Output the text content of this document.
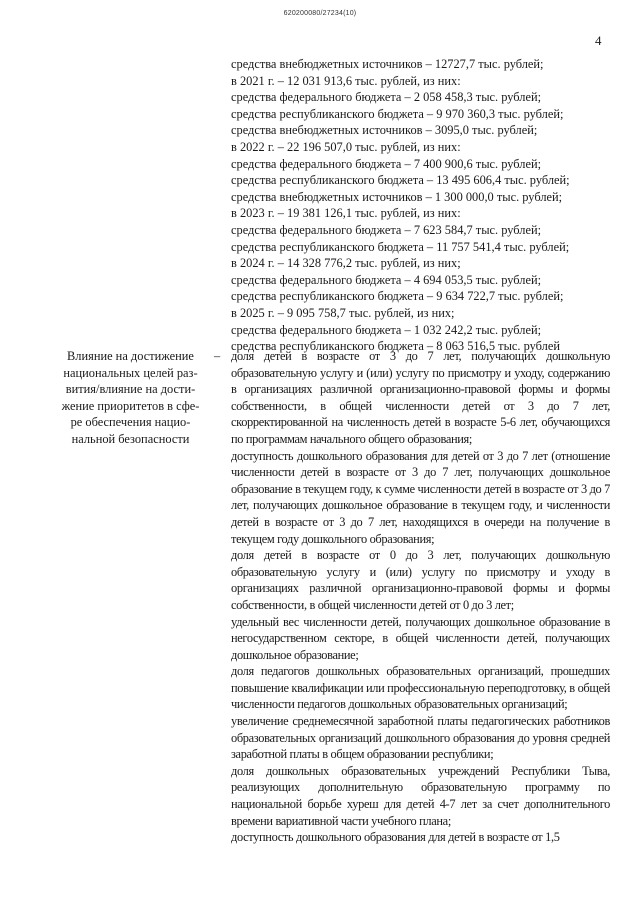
620200080/27234(10)
4
средства внебюджетных источников – 12727,7 тыс. рублей;
в 2021 г. – 12 031 913,6 тыс. рублей, из них:
средства федерального бюджета – 2 058 458,3 тыс. рублей;
средства республиканского бюджета – 9 970 360,3 тыс. рублей;
средства внебюджетных источников – 3095,0 тыс. рублей;
в 2022 г. – 22 196 507,0 тыс. рублей, из них:
средства федерального бюджета – 7 400 900,6 тыс. рублей;
средства республиканского бюджета – 13 495 606,4 тыс. рублей;
средства внебюджетных источников – 1 300 000,0 тыс. рублей;
в 2023 г. – 19 381 126,1 тыс. рублей, из них:
средства федерального бюджета – 7 623 584,7 тыс. рублей;
средства республиканского бюджета – 11 757 541,4 тыс. рублей;
в 2024 г. – 14 328 776,2 тыс. рублей, из них;
средства федерального бюджета – 4 694 053,5 тыс. рублей;
средства республиканского бюджета – 9 634 722,7 тыс. рублей;
в 2025 г. – 9 095 758,7 тыс. рублей, из них;
средства федерального бюджета – 1 032 242,2 тыс. рублей;
средства республиканского бюджета – 8 063 516,5 тыс. рублей
Влияние на достижение
национальных целей раз-
вития/влияние на дости-
жение приоритетов в сфе-
ре обеспечения нацио-
нальной безопасности
– доля детей в возрасте от 3 до 7 лет, получающих дошкольную образовательную услугу и (или) услугу по присмотру и уходу, содержанию в организациях различной организационно-правовой формы и формы собственности, в общей численности детей от 3 до 7 лет, скорректированной на численность детей в возрасте 5-6 лет, обучающихся по программам начального общего образования;
доступность дошкольного образования для детей от 3 до 7 лет (отношение численности детей в возрасте от 3 до 7 лет, получающих дошкольное образование в текущем году, к сумме численности детей в возрасте от 3 до 7 лет, получающих дошкольное образование в текущем году, и численности детей в возрасте от 3 до 7 лет, находящихся в очереди на получение в текущем году дошкольного образования;
доля детей в возрасте от 0 до 3 лет, получающих дошкольную образовательную услугу и (или) услугу по присмотру и уходу в организациях различной организационно-правовой формы и формы собственности, в общей численности детей от 0 до 3 лет;
удельный вес численности детей, получающих дошкольное образование в негосударственном секторе, в общей численности детей, получающих дошкольное образование;
доля педагогов дошкольных образовательных организаций, прошедших повышение квалификации или профессиональную переподготовку, в общей численности педагогов дошкольных образовательных организаций;
увеличение среднемесячной заработной платы педагогических работников образовательных организаций дошкольного образования до уровня средней заработной платы в общем образовании республики;
доля дошкольных образовательных учреждений Республики Тыва, реализующих дополнительную образовательную программу по национальной борьбе хуреш для детей 4-7 лет за счет дополнительного времени вариативной части учебного плана;
доступность дошкольного образования для детей в возрасте от 1,5
